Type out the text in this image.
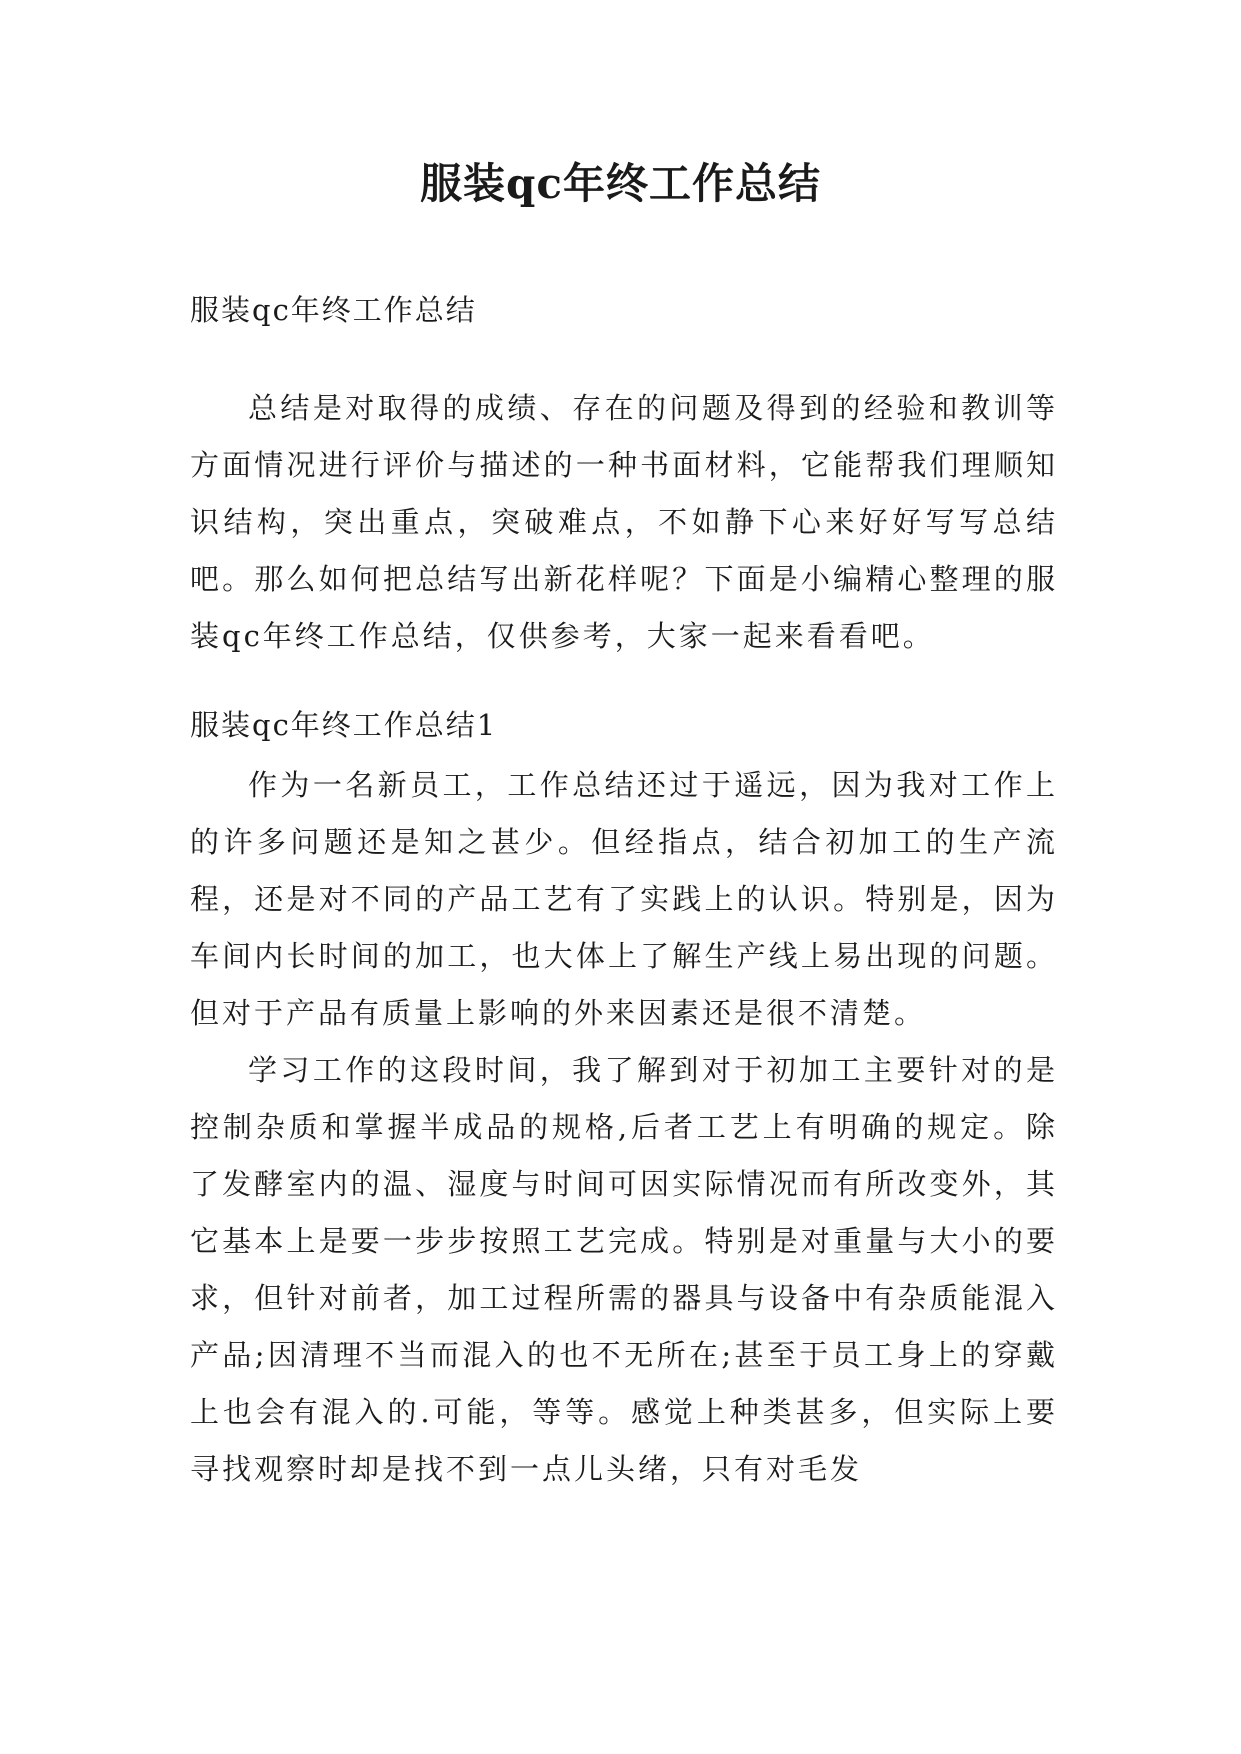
服装qc年终工作总结

服装qc年终工作总结

总结是对取得的成绩、存在的问题及得到的经验和教训等方面情况进行评价与描述的一种书面材料，它能帮我们理顺知识结构，突出重点，突破难点，不如静下心来好好写写总结吧。那么如何把总结写出新花样呢？下面是小编精心整理的服装qc年终工作总结，仅供参考，大家一起来看看吧。

服装qc年终工作总结1

作为一名新员工，工作总结还过于遥远，因为我对工作上的许多问题还是知之甚少。但经指点，结合初加工的生产流程，还是对不同的产品工艺有了实践上的认识。特别是，因为车间内长时间的加工，也大体上了解生产线上易出现的问题。但对于产品有质量上影响的外来因素还是很不清楚。

学习工作的这段时间，我了解到对于初加工主要针对的是控制杂质和掌握半成品的规格,后者工艺上有明确的规定。除了发酵室内的温、湿度与时间可因实际情况而有所改变外，其它基本上是要一步步按照工艺完成。特别是对重量与大小的要求，但针对前者，加工过程所需的器具与设备中有杂质能混入产品;因清理不当而混入的也不无所在;甚至于员工身上的穿戴上也会有混入的.可能，等等。感觉上种类甚多，但实际上要寻找观察时却是找不到一点儿头绪，只有对毛发
